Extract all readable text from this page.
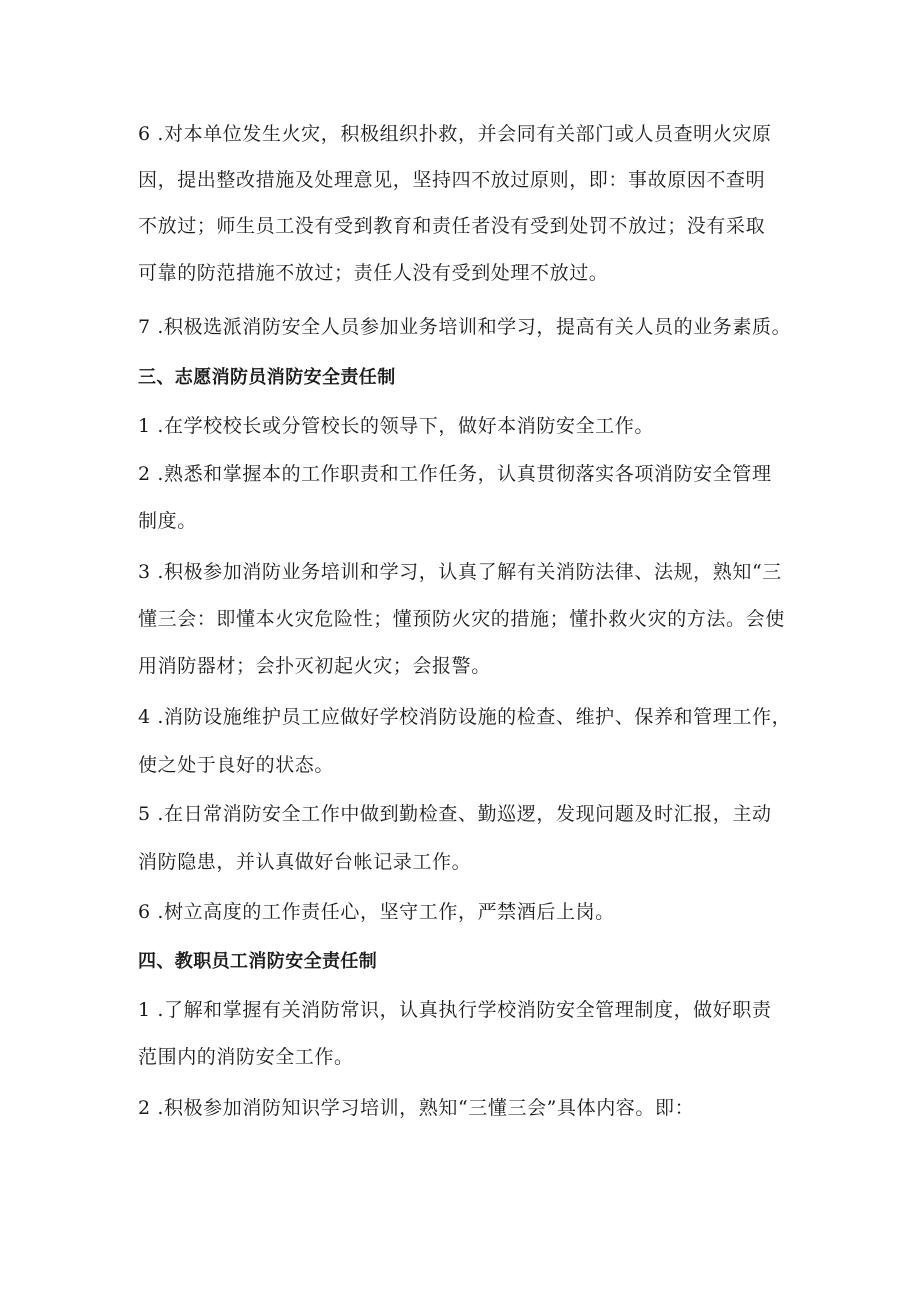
6 .对本单位发生火灾，积极组织扑救，并会同有关部门或人员查明火灾原
因，提出整改措施及处理意见，坚持四不放过原则，即：事故原因不查明
不放过；师生员工没有受到教育和责任者没有受到处罚不放过；没有采取
可靠的防范措施不放过；责任人没有受到处理不放过。
7 .积极选派消防安全人员参加业务培训和学习，提高有关人员的业务素质。
三、志愿消防员消防安全责任制
1 .在学校校长或分管校长的领导下，做好本消防安全工作。
2 .熟悉和掌握本的工作职责和工作任务，认真贯彻落实各项消防安全管理
制度。
3 .积极参加消防业务培训和学习，认真了解有关消防法律、法规，熟知“三
懂三会：即懂本火灾危险性；懂预防火灾的措施；懂扑救火灾的方法。会使
用消防器材；会扑灭初起火灾；会报警。
4 .消防设施维护员工应做好学校消防设施的检查、维护、保养和管理工作，
使之处于良好的状态。
5 .在日常消防安全工作中做到勤检查、勤巡逻，发现问题及时汇报，主动
消防隐患，并认真做好台帐记录工作。
6 .树立高度的工作责任心，坚守工作，严禁酒后上岗。
四、教职员工消防安全责任制
1 .了解和掌握有关消防常识，认真执行学校消防安全管理制度，做好职责
范围内的消防安全工作。
2 .积极参加消防知识学习培训，熟知“三懂三会”具体内容。即：
